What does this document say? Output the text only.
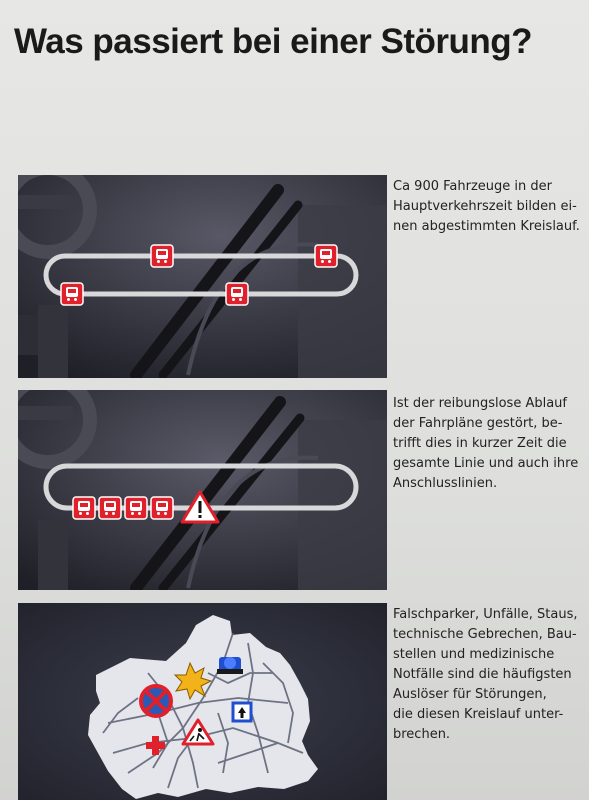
Was passiert bei einer Störung?
Ca 900 Fahrzeuge in der
Hauptverkehrszeit bilden ei-
nen abgestimmten Kreislauf.
Ist der reibungslose Ablauf
der Fahrpläne gestört, be-
trifft dies in kurzer Zeit die
gesamte Linie und auch ihre
Anschlusslinien.
Falschparker, Unfälle, Staus,
technische Gebrechen, Bau-
stellen und medizinische
Notfälle sind die häufigsten
Auslöser für Störungen,
die diesen Kreislauf unter-
brechen.
